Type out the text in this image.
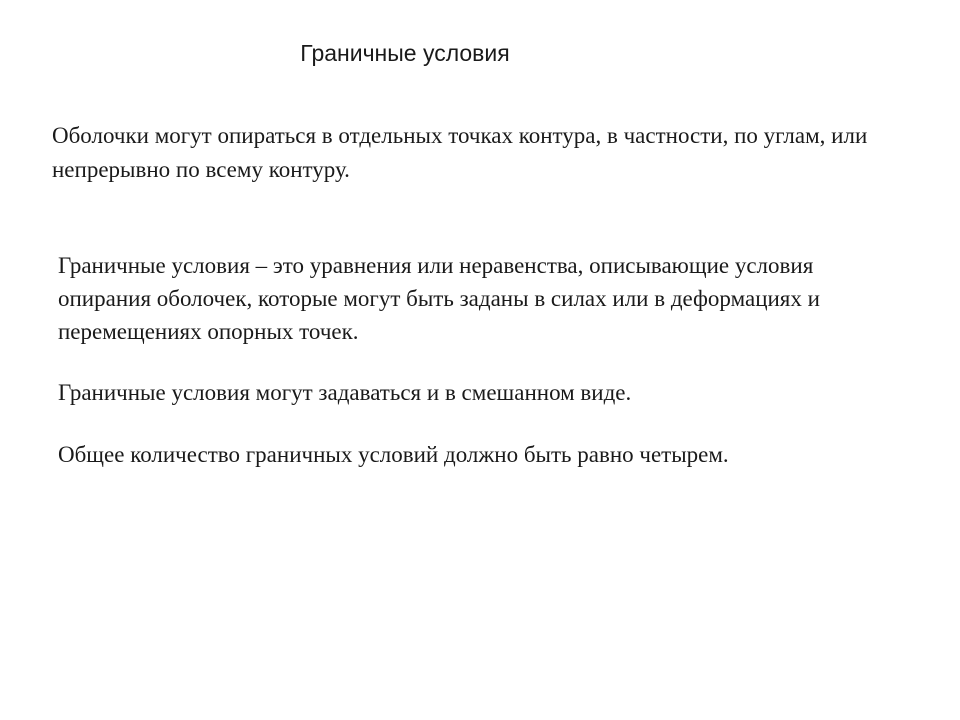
Граничные условия

Оболочки могут опираться в отдельных точках контура, в частности, по углам, или непрерывно по всему контуру.

Граничные условия – это уравнения или неравенства, описывающие условия опирания оболочек, которые могут быть заданы в силах или в деформациях и перемещениях опорных точек.

Граничные условия могут задаваться и в смешанном виде.

Общее количество граничных условий должно быть равно четырем.
